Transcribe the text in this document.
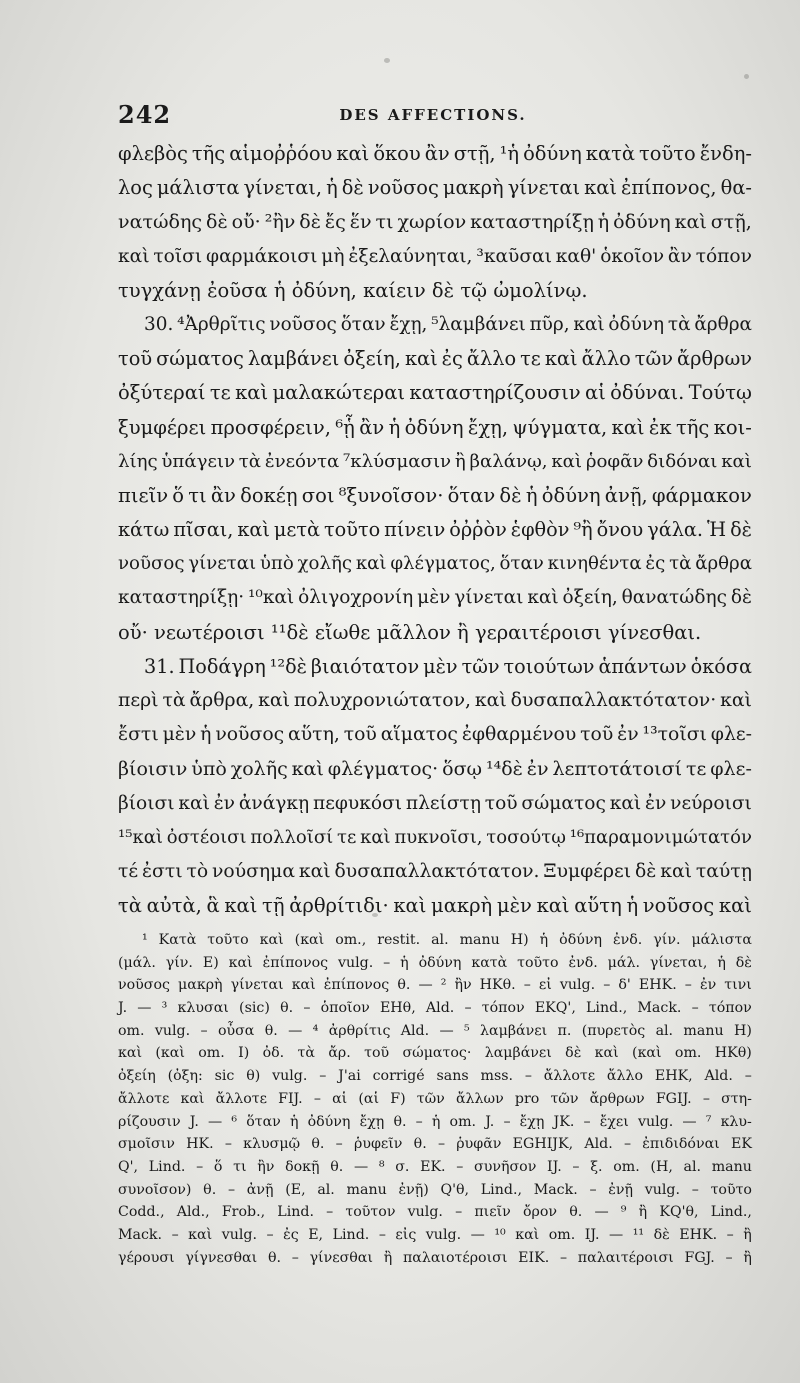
242	DES AFFECTIONS.
φλεβὸς τῆς αἱμοῤῥόου καὶ ὅκου ἂν στῇ, ¹ἡ ὀδύνη κατὰ τοῦτο ἔνδη-
λος μάλιστα γίνεται, ἡ δὲ νοῦσος μακρὴ γίνεται καὶ ἐπίπονος, θα-
νατώδης δὲ οὔ· ²ἢν δὲ ἔς ἕν τι χωρίον καταστηρίξῃ ἡ ὀδύνη καὶ στῇ,
καὶ τοῖσι φαρμάκοισι μὴ ἐξελαύνηται, ³καῦσαι καθ' ὁκοῖον ἂν τόπον
τυγχάνῃ ἐοῦσα ἡ ὀδύνη, καίειν δὲ τῷ ὠμολίνῳ.
30. ⁴Ἀρθρῖτις νοῦσος ὅταν ἔχῃ, ⁵λαμβάνει πῦρ, καὶ ὀδύνη τὰ ἄρθρα
τοῦ σώματος λαμβάνει ὀξείη, καὶ ἐς ἄλλο τε καὶ ἄλλο τῶν ἄρθρων
ὀξύτεραί τε καὶ μαλακώτεραι καταστηρίζουσιν αἱ ὀδύναι. Τούτῳ
ξυμφέρει προσφέρειν, ⁶ᾗ ἂν ἡ ὀδύνη ἔχῃ, ψύγματα, καὶ ἐκ τῆς κοι-
λίης ὑπάγειν τὰ ἐνεόντα ⁷κλύσμασιν ἢ βαλάνῳ, καὶ ῥοφᾶν διδόναι καὶ
πιεῖν ὅ τι ἂν δοκέῃ σοι ⁸ξυνοῖσον· ὅταν δὲ ἡ ὀδύνη ἀνῇ, φάρμακον
κάτω πῖσαι, καὶ μετὰ τοῦτο πίνειν ὀῤῥὸν ἑφθὸν ⁹ἢ ὄνου γάλα. Ἡ δὲ
νοῦσος γίνεται ὑπὸ χολῆς καὶ φλέγματος, ὅταν κινηθέντα ἐς τὰ ἄρθρα
καταστηρίξῃ· ¹⁰καὶ ὀλιγοχρονίη μὲν γίνεται καὶ ὀξείη, θανατώδης δὲ
οὔ· νεωτέροισι ¹¹δὲ εἴωθε μᾶλλον ἢ γεραιτέροισι γίνεσθαι.
31. Ποδάγρη ¹²δὲ βιαιότατον μὲν τῶν τοιούτων ἁπάντων ὁκόσα
περὶ τὰ ἄρθρα, καὶ πολυχρονιώτατον, καὶ δυσαπαλλακτότατον· καὶ
ἔστι μὲν ἡ νοῦσος αὕτη, τοῦ αἵματος ἐφθαρμένου τοῦ ἐν ¹³τοῖσι φλε-
βίοισιν ὑπὸ χολῆς καὶ φλέγματος· ὅσῳ ¹⁴δὲ ἐν λεπτοτάτοισί τε φλε-
βίοισι καὶ ἐν ἀνάγκῃ πεφυκόσι πλείστῃ τοῦ σώματος καὶ ἐν νεύροισι
¹⁵καὶ ὀστέοισι πολλοῖσί τε καὶ πυκνοῖσι, τοσούτῳ ¹⁶παραμονιμώτατόν
τέ ἐστι τὸ νούσημα καὶ δυσαπαλλακτότατον. Ξυμφέρει δὲ καὶ ταύτῃ
τὰ αὐτὰ, ἃ καὶ τῇ ἀρθρίτιδι· καὶ μακρὴ μὲν καὶ αὕτη ἡ νοῦσος καὶ
¹ Κατὰ τοῦτο καὶ (καὶ om., restit. al. manu H) ἡ ὀδύνη ἐνδ. γίν. μάλιστα
(μάλ. γίν. E) καὶ ἐπίπονος vulg. – ἡ ὀδύνη κατὰ τοῦτο ἐνδ. μάλ. γίνεται, ἡ δὲ
νοῦσος μακρὴ γίνεται καὶ ἐπίπονος θ. — ² ἢν HKθ. – εἰ vulg. – δ' EHK. – ἐν τινι
J. — ³ κλυσαι (sic) θ. – ὁποῖον EHθ, Ald. – τόπον EKQ', Lind., Mack. – τόπον
om. vulg. – οὖσα θ. — ⁴ ἀρθρίτις Ald. — ⁵ λαμβάνει π. (πυρετὸς al. manu H)
καὶ (καὶ om. I) ὀδ. τὰ ἄρ. τοῦ σώματος· λαμβάνει δὲ καὶ (καὶ om. HKθ)
ὀξείη (ὀξη: sic θ) vulg. – J'ai corrigé sans mss. – ἄλλοτε ἄλλο EHK, Ald. –
ἄλλοτε καὶ ἄλλοτε FIJ. – αἱ (αἱ F) τῶν ἄλλων pro τῶν ἄρθρων FGIJ. – στη-
ρίζουσιν J. — ⁶ ὅταν ἡ ὀδύνη ἔχῃ θ. – ἡ om. J. – ἔχῃ JK. – ἔχει vulg. — ⁷ κλυ-
σμοῖσιν HK. – κλυσμῷ θ. – ῥυφεῖν θ. – ῥυφᾶν EGHIJK, Ald. – ἐπιδιδόναι EK
Q', Lind. – ὅ τι ἢν δοκῇ θ. — ⁸ σ. EK. – συνῆσον IJ. – ξ. om. (H, al. manu
συνοῖσον) θ. – ἀνῇ (E, al. manu ἐνῇ) Q'θ, Lind., Mack. – ἐνῇ vulg. – τοῦτο
Codd., Ald., Frob., Lind. – τοῦτον vulg. – πιεῖν ὄρον θ. — ⁹ ἢ KQ'θ, Lind.,
Mack. – καὶ vulg. – ἐς E, Lind. – εἰς vulg. — ¹⁰ καὶ om. IJ. — ¹¹ δὲ EHK. – ἢ
γέρουσι γίγνεσθαι θ. – γίνεσθαι ἢ παλαιοτέροισι EIK. – παλαιτέροισι FGJ. – ἢ
